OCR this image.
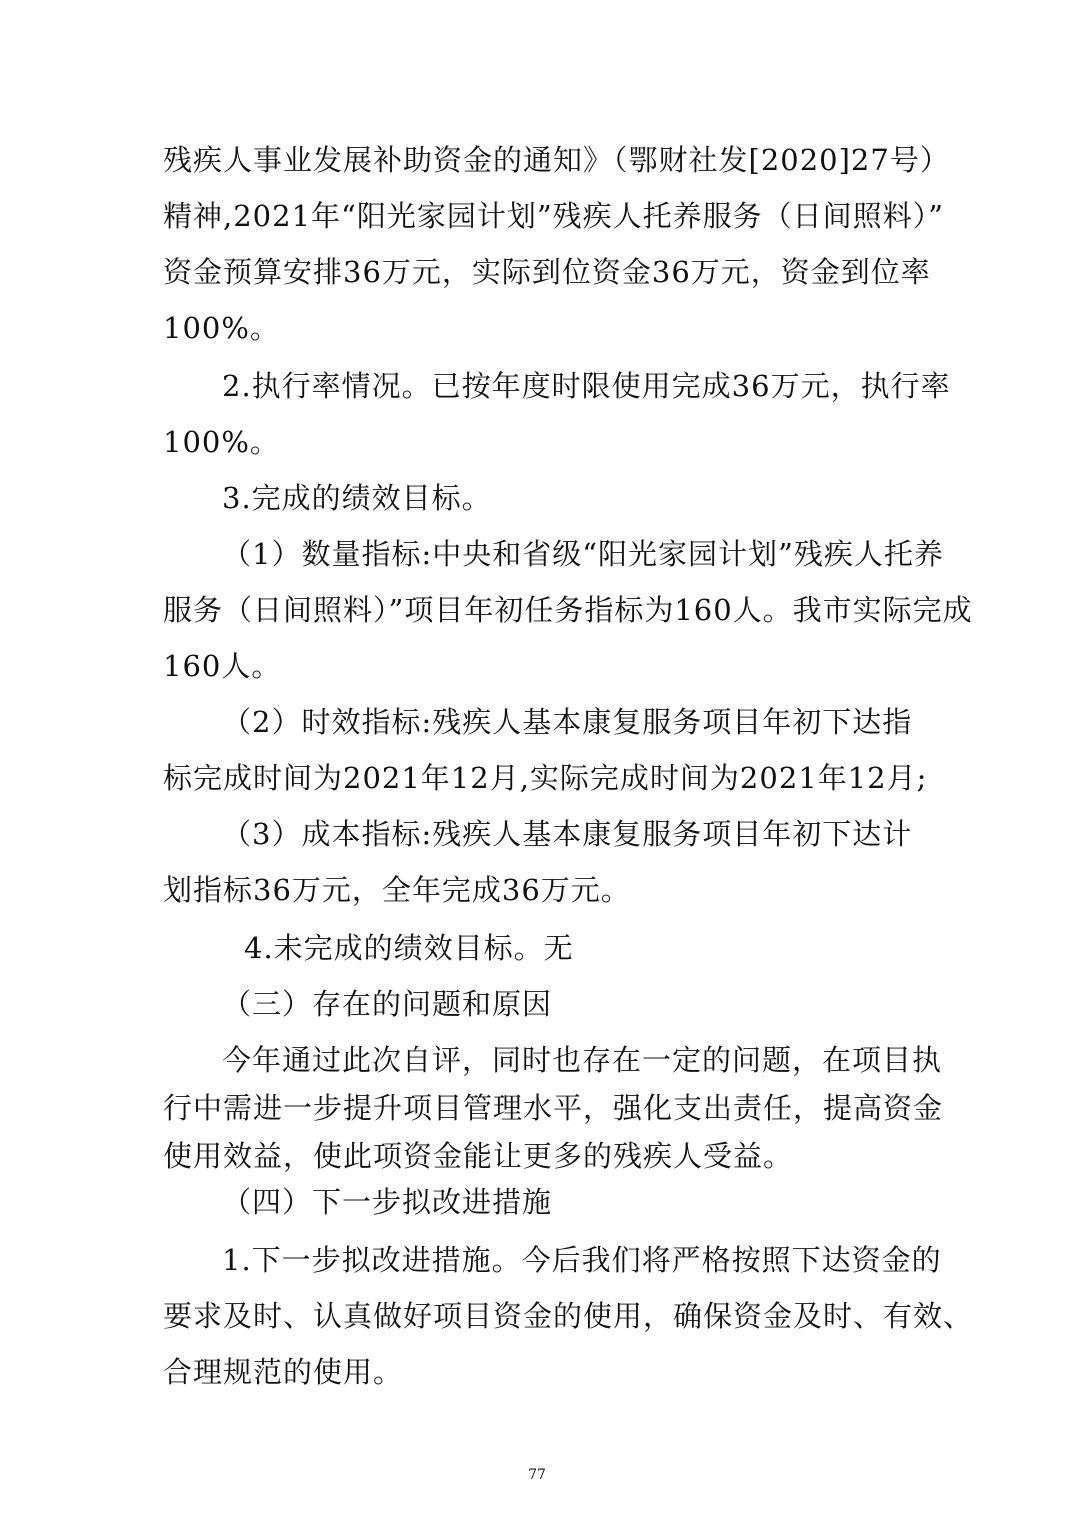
残疾人事业发展补助资金的通知》（鄂财社发[2020]27号）
精神,2021年“阳光家园计划”残疾人托养服务（日间照料）”
资金预算安排36万元，实际到位资金36万元，资金到位率
100%。
2.执行率情况。已按年度时限使用完成36万元，执行率
100%。
3.完成的绩效目标。
（1）数量指标:中央和省级“阳光家园计划”残疾人托养
服务（日间照料）”项目年初任务指标为160人。我市实际完成
160人。
（2）时效指标:残疾人基本康复服务项目年初下达指
标完成时间为2021年12月,实际完成时间为2021年12月;
（3）成本指标:残疾人基本康复服务项目年初下达计
划指标36万元，全年完成36万元。
4.未完成的绩效目标。无
（三）存在的问题和原因
今年通过此次自评，同时也存在一定的问题，在项目执
行中需进一步提升项目管理水平，强化支出责任，提高资金
使用效益，使此项资金能让更多的残疾人受益。
（四）下一步拟改进措施
1.下一步拟改进措施。今后我们将严格按照下达资金的
要求及时、认真做好项目资金的使用，确保资金及时、有效、
合理规范的使用。
77
